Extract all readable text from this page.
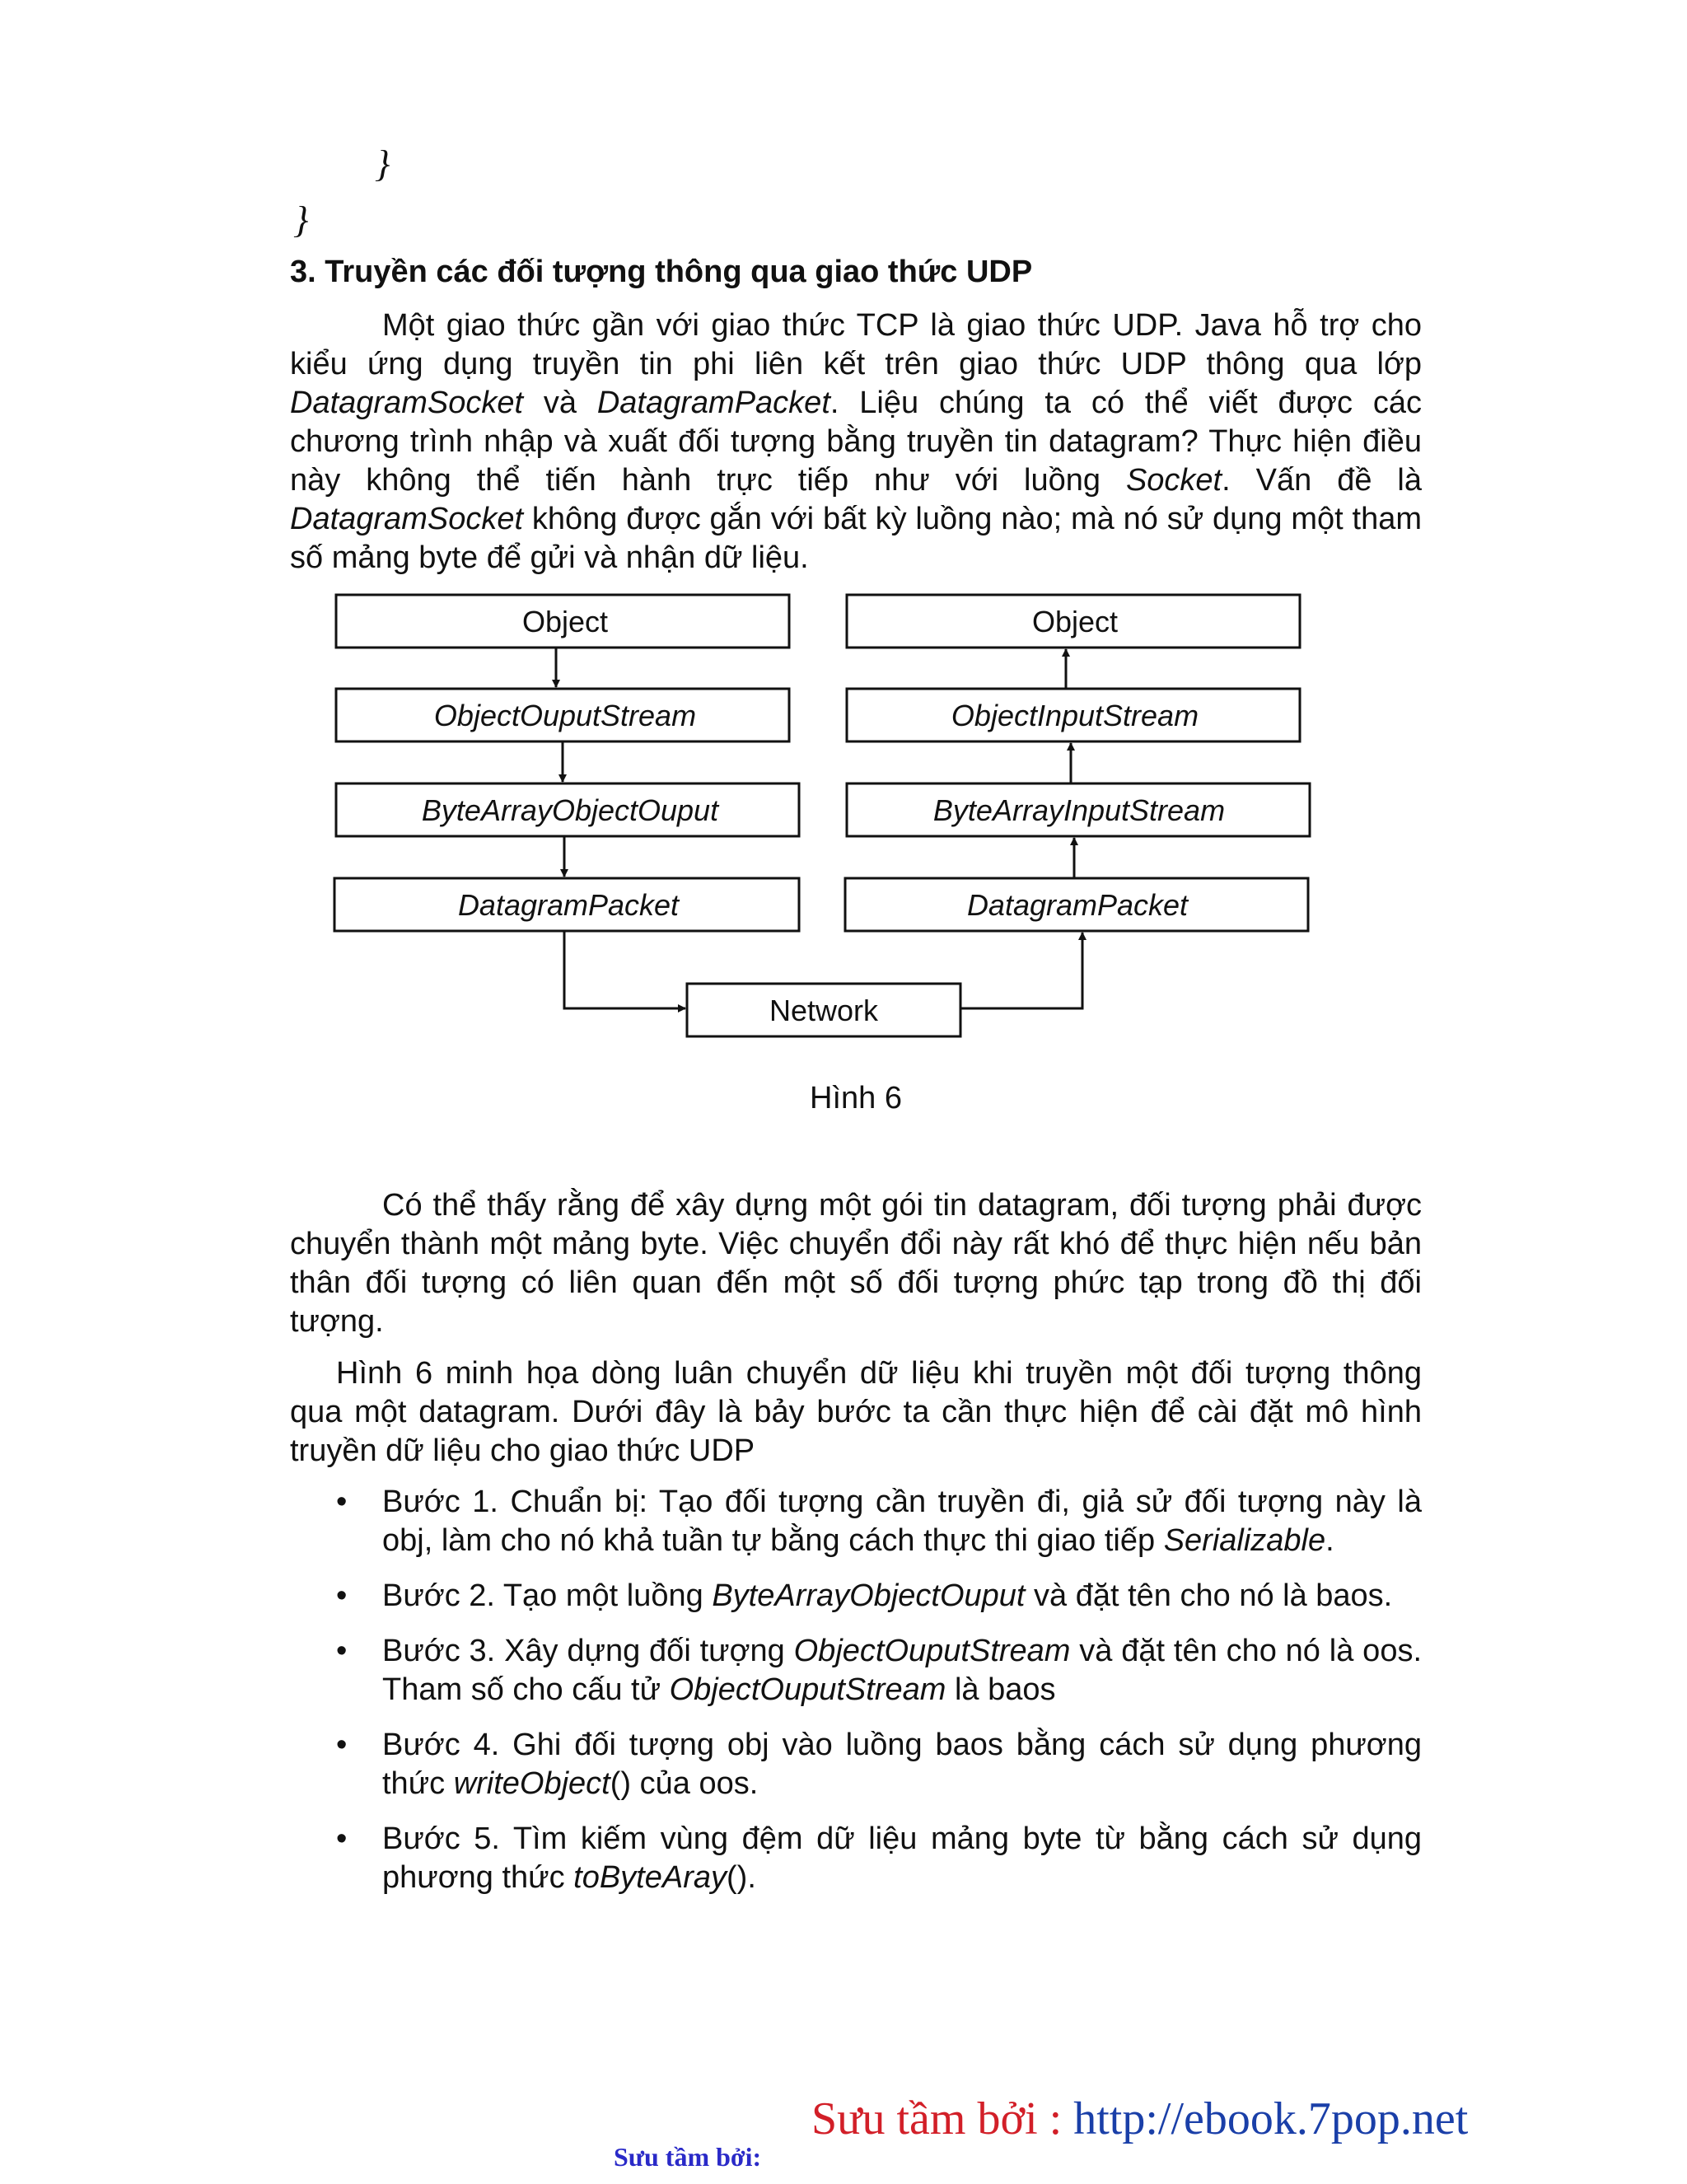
}
}
3. Truyền các đối tượng thông qua giao thức UDP

Một giao thức gần với giao thức TCP là giao thức UDP. Java hỗ trợ cho kiểu ứng dụng truyền tin phi liên kết trên giao thức UDP thông qua lớp DatagramSocket và DatagramPacket. Liệu chúng ta có thể viết được các chương trình nhập và xuất đối tượng bằng truyền tin datagram? Thực hiện điều này không thể tiến hành trực tiếp như với luồng Socket. Vấn đề là DatagramSocket không được gắn với bất kỳ luồng nào; mà nó sử dụng một tham số mảng byte để gửi và nhận dữ liệu.

Object
ObjectOuputStream
ByteArrayObjectOuput
DatagramPacket
Object
ObjectInputStream
ByteArrayInputStream
DatagramPacket
Network
Hình 6

Có thể thấy rằng để xây dựng một gói tin datagram, đối tượng phải được chuyển thành một mảng byte. Việc chuyển đổi này rất khó để thực hiện nếu bản thân đối tượng có liên quan đến một số đối tượng phức tạp trong đồ thị đối tượng.

Hình 6 minh họa dòng luân chuyển dữ liệu khi truyền một đối tượng thông qua một datagram. Dưới đây là bảy bước ta cần thực hiện để cài đặt mô hình truyền dữ liệu cho giao thức UDP

• Bước 1. Chuẩn bị: Tạo đối tượng cần truyền đi, giả sử đối tượng này là obj, làm cho nó khả tuần tự bằng cách thực thi giao tiếp Serializable.
• Bước 2. Tạo một luồng ByteArrayObjectOuput và đặt tên cho nó là baos.
• Bước 3. Xây dựng đối tượng ObjectOuputStream và đặt tên cho nó là oos. Tham số cho cấu tử ObjectOuputStream là baos
• Bước 4. Ghi đối tượng obj vào luồng baos bằng cách sử dụng phương thức writeObject() của oos.
• Bước 5. Tìm kiếm vùng đệm dữ liệu mảng byte từ bằng cách sử dụng phương thức toByteAray().
Sưu tầm bởi : http://ebook.7pop.net
Sưu tầm bởi:
